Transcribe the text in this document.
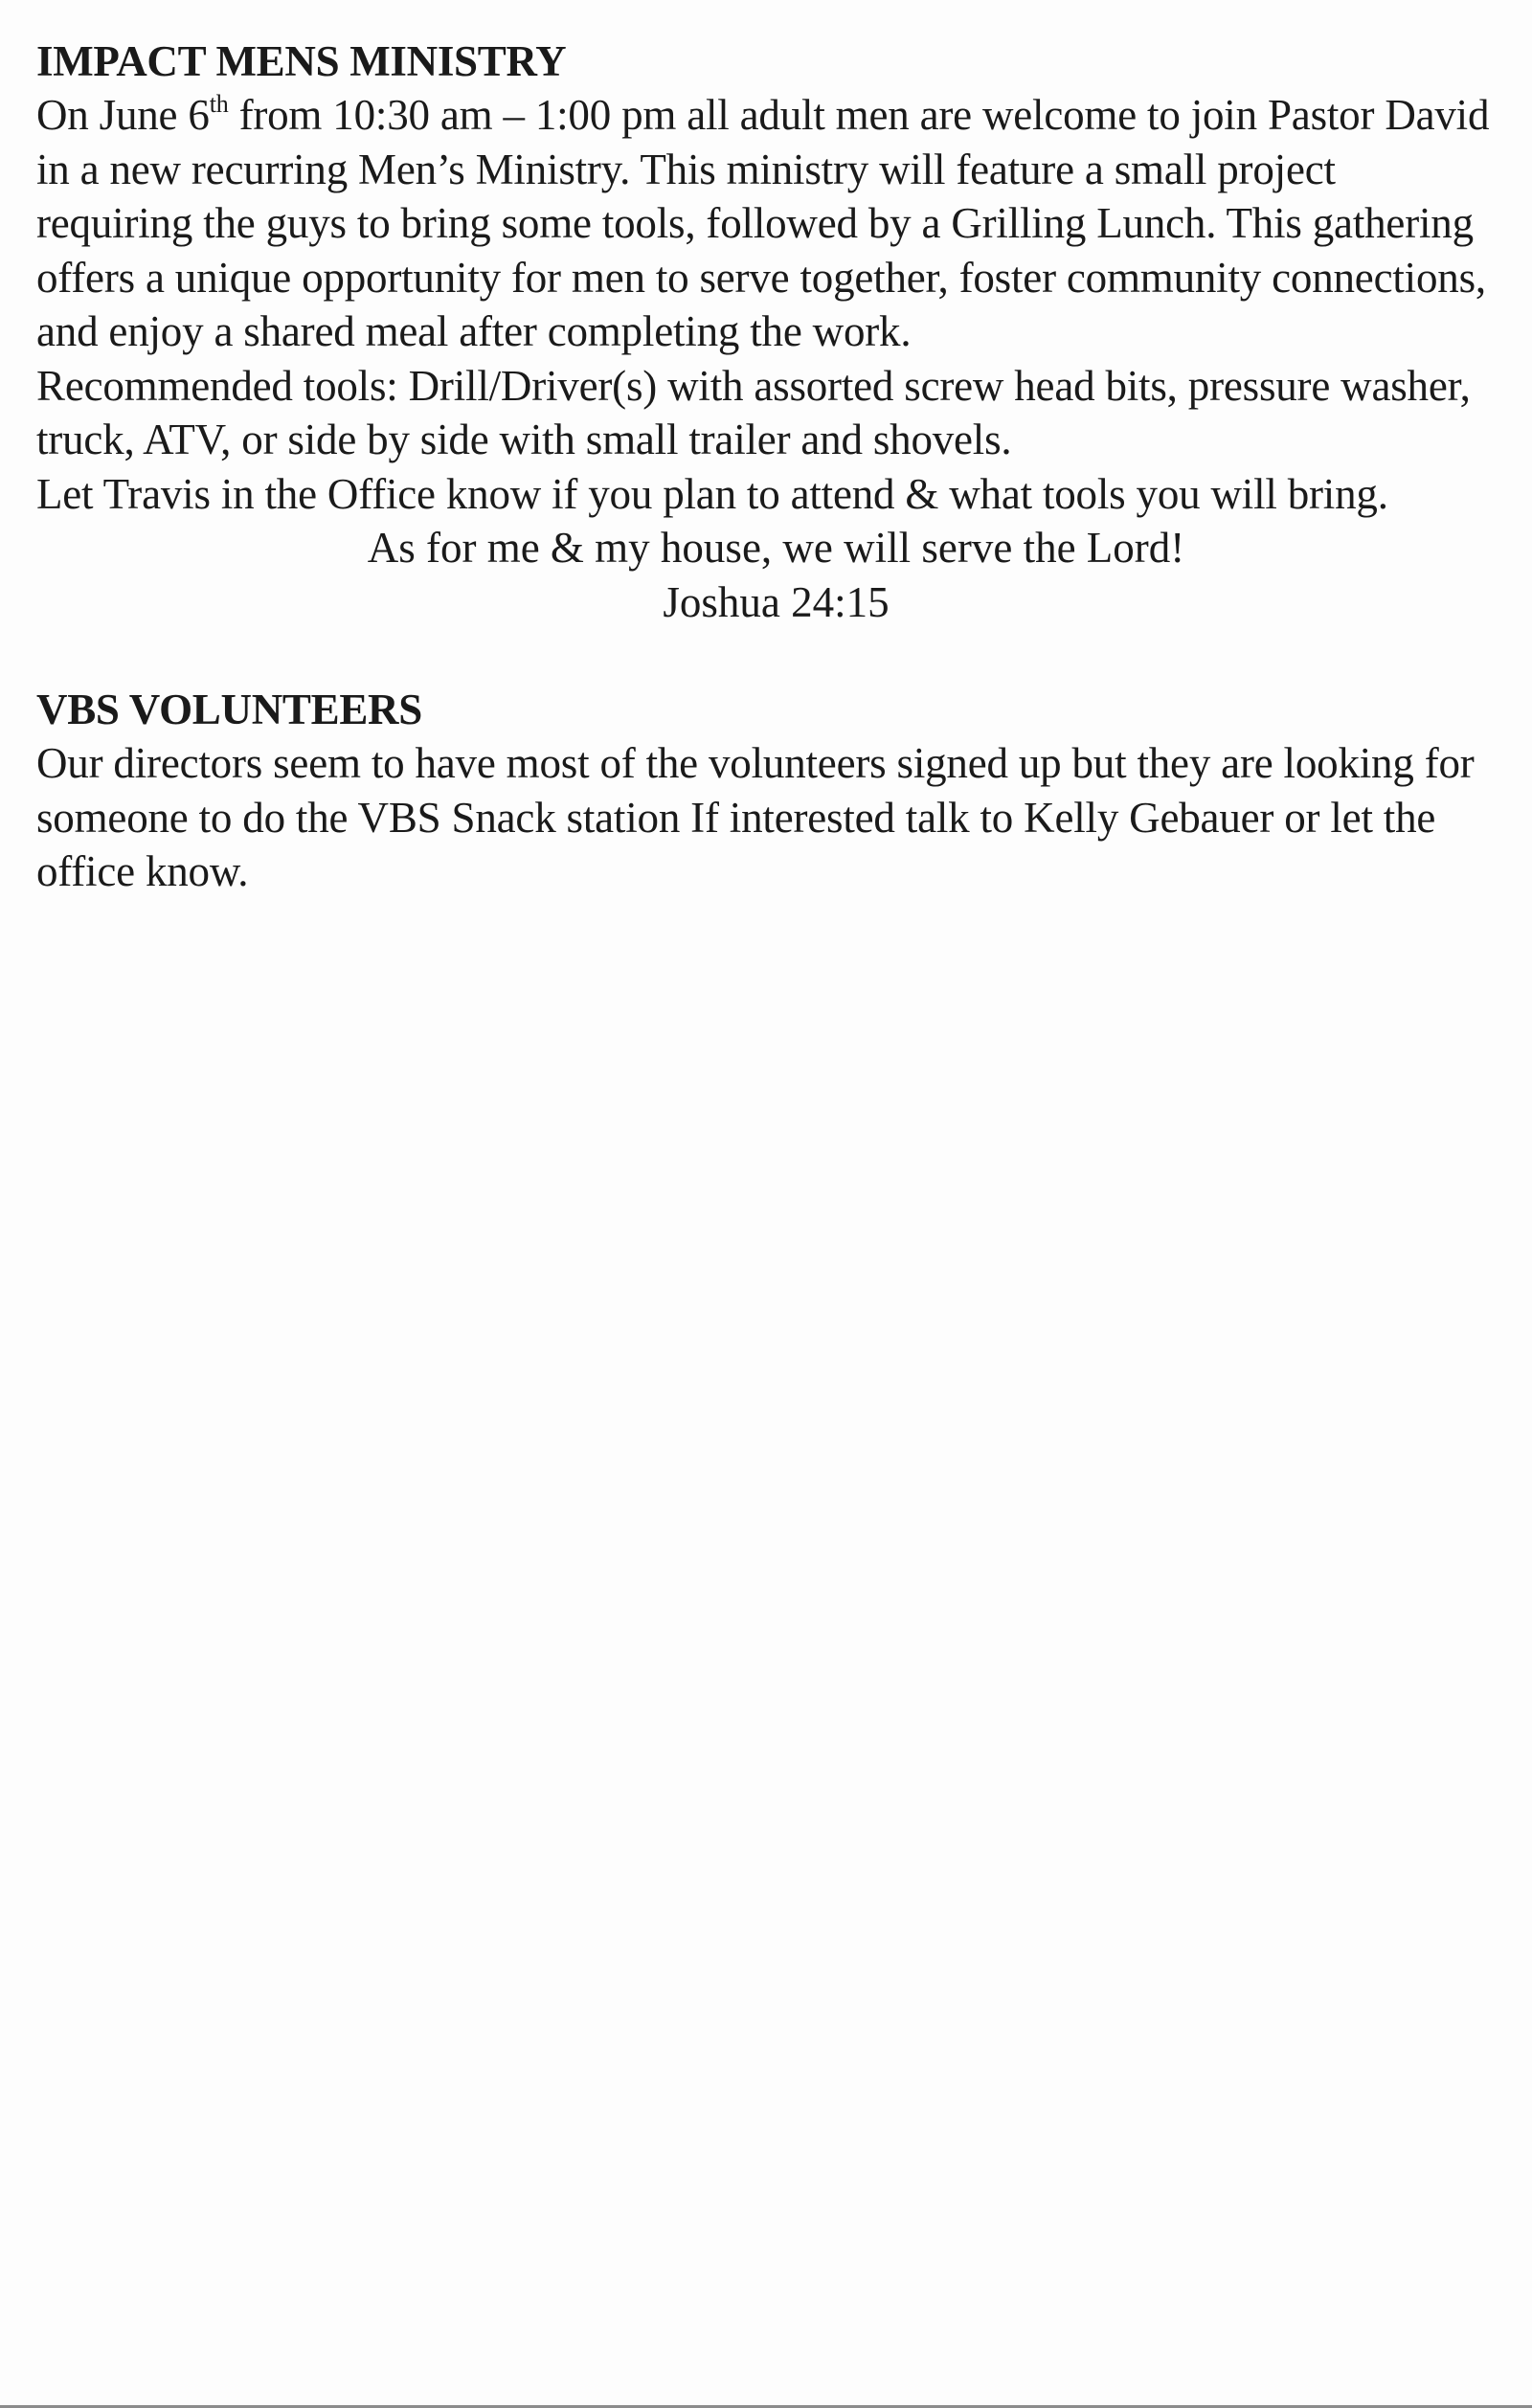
IMPACT MENS MINISTRY

On June 6th from 10:30 am – 1:00 pm all adult men are welcome to join Pastor David in a new recurring Men’s Ministry. This ministry will feature a small project requiring the guys to bring some tools, followed by a Grilling Lunch. This gathering offers a unique opportunity for men to serve together, foster community connections, and enjoy a shared meal after completing the work.

Recommended tools: Drill/Driver(s) with assorted screw head bits, pressure washer, truck, ATV, or side by side with small trailer and shovels.

Let Travis in the Office know if you plan to attend & what tools you will bring.

As for me & my house, we will serve the Lord!

Joshua 24:15

VBS VOLUNTEERS

Our directors seem to have most of the volunteers signed up but they are looking for someone to do the VBS Snack station If interested talk to Kelly Gebauer or let the office know.
